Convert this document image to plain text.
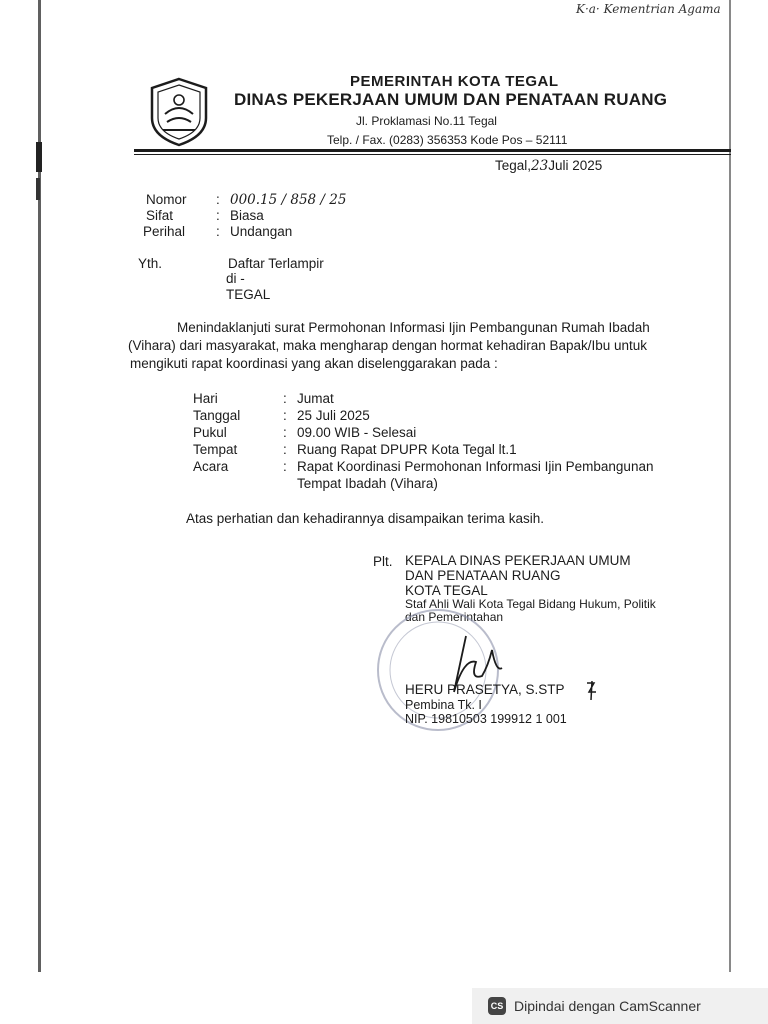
K·a· Kementrian Agama
PEMERINTAH KOTA TEGAL
DINAS PEKERJAAN UMUM DAN PENATAAN RUANG
Jl. Proklamasi No.11 Tegal
Telp. / Fax. (0283) 356353 Kode Pos – 52111
Tegal,23Juli 2025
Nomor : 000.15 / 858 / 25
Sifat	: Biasa
Perihal : Undangan
Yth.	Daftar Terlampir
di -
TEGAL
Menindaklanjuti surat Permohonan Informasi Ijin Pembangunan Rumah Ibadah
(Vihara) dari masyarakat, maka mengharap dengan hormat kehadiran Bapak/Ibu untuk
mengikuti rapat koordinasi yang akan diselenggarakan pada :
Hari	: Jumat
Tanggal	: 25 Juli 2025
Pukul	: 09.00 WIB - Selesai
Tempat	: Ruang Rapat DPUPR Kota Tegal lt.1
Acara	: Rapat Koordinasi Permohonan Informasi Ijin Pembangunan
Tempat Ibadah (Vihara)
Atas perhatian dan kehadirannya disampaikan terima kasih.
Plt. KEPALA DINAS PEKERJAAN UMUM
DAN PENATAAN RUANG
KOTA TEGAL
Staf Ahli Wali Kota Tegal Bidang Hukum, Politik
dan Pemerintahan
HERU PRASETYA, S.STP
Pembina Tk. I
NIP. 19810503 199912 1 001
CS Dipindai dengan CamScanner
